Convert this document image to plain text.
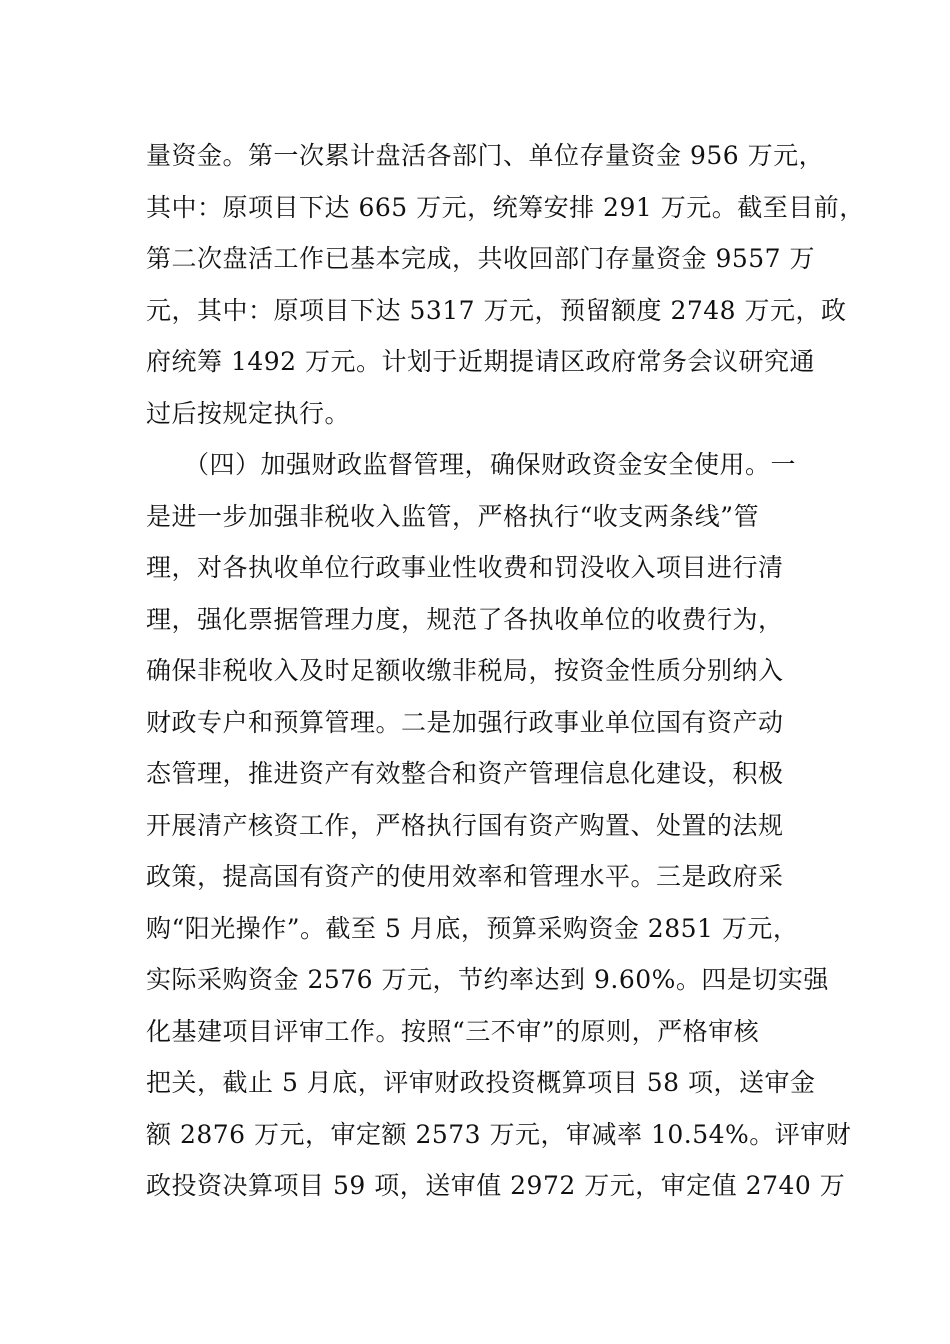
量资金。第一次累计盘活各部门、单位存量资金 956 万元，
其中：原项目下达 665 万元，统筹安排 291 万元。截至目前，
第二次盘活工作已基本完成，共收回部门存量资金 9557 万
元，其中：原项目下达 5317 万元，预留额度 2748 万元，政
府统筹 1492 万元。计划于近期提请区政府常务会议研究通
过后按规定执行。
（四）加强财政监督管理，确保财政资金安全使用。一
是进一步加强非税收入监管，严格执行“收支两条线”管
理，对各执收单位行政事业性收费和罚没收入项目进行清
理，强化票据管理力度，规范了各执收单位的收费行为，
确保非税收入及时足额收缴非税局，按资金性质分别纳入
财政专户和预算管理。二是加强行政事业单位国有资产动
态管理，推进资产有效整合和资产管理信息化建设，积极
开展清产核资工作，严格执行国有资产购置、处置的法规
政策，提高国有资产的使用效率和管理水平。三是政府采
购“阳光操作”。截至 5 月底，预算采购资金 2851 万元，
实际采购资金 2576 万元，节约率达到 9.60%。四是切实强
化基建项目评审工作。按照“三不审”的原则，严格审核
把关，截止 5 月底，评审财政投资概算项目 58 项，送审金
额 2876 万元，审定额 2573 万元，审减率 10.54%。评审财
政投资决算项目 59 项，送审值 2972 万元，审定值 2740 万
